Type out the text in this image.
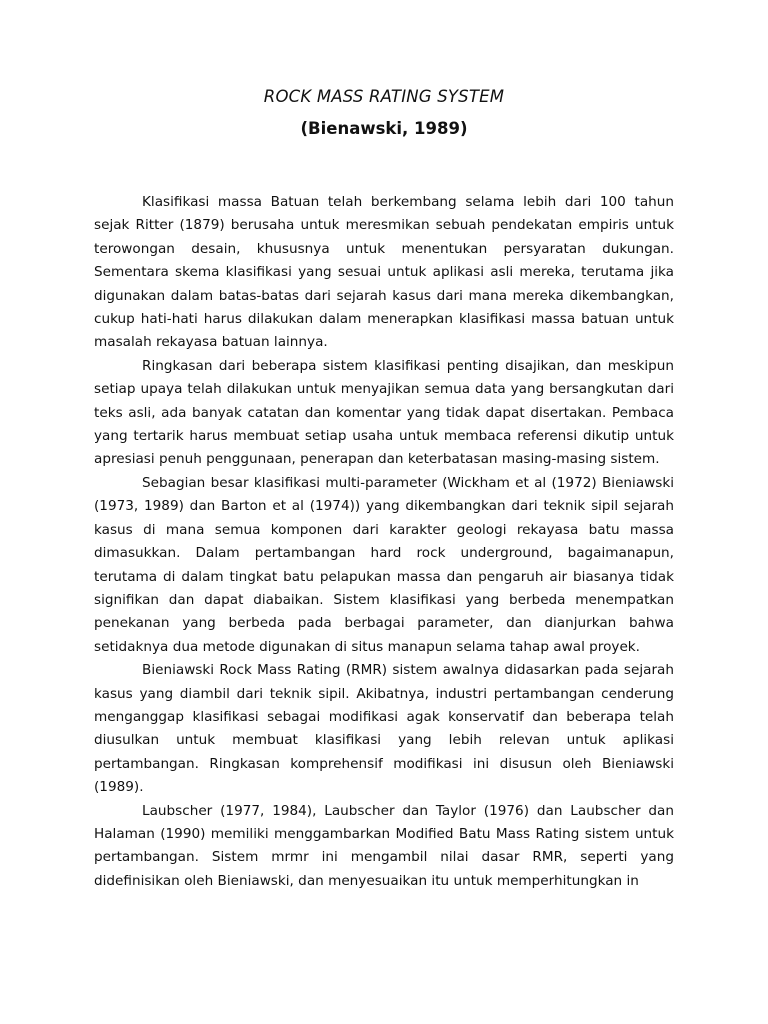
ROCK MASS RATING SYSTEM
(Bienawski, 1989)

Klasifikasi massa Batuan telah berkembang selama lebih dari 100 tahun sejak Ritter (1879) berusaha untuk meresmikan sebuah pendekatan empiris untuk terowongan desain, khususnya untuk menentukan persyaratan dukungan. Sementara skema klasifikasi yang sesuai untuk aplikasi asli mereka, terutama jika digunakan dalam batas-batas dari sejarah kasus dari mana mereka dikembangkan, cukup hati-hati harus dilakukan dalam menerapkan klasifikasi massa batuan untuk masalah rekayasa batuan lainnya.

Ringkasan dari beberapa sistem klasifikasi penting disajikan, dan meskipun setiap upaya telah dilakukan untuk menyajikan semua data yang bersangkutan dari teks asli, ada banyak catatan dan komentar yang tidak dapat disertakan. Pembaca yang tertarik harus membuat setiap usaha untuk membaca referensi dikutip untuk apresiasi penuh penggunaan, penerapan dan keterbatasan masing-masing sistem.

Sebagian besar klasifikasi multi-parameter (Wickham et al (1972) Bieniawski (1973, 1989) dan Barton et al (1974)) yang dikembangkan dari teknik sipil sejarah kasus di mana semua komponen dari karakter geologi rekayasa batu massa dimasukkan. Dalam pertambangan hard rock underground, bagaimanapun, terutama di dalam tingkat batu pelapukan massa dan pengaruh air biasanya tidak signifikan dan dapat diabaikan. Sistem klasifikasi yang berbeda menempatkan penekanan yang berbeda pada berbagai parameter, dan dianjurkan bahwa setidaknya dua metode digunakan di situs manapun selama tahap awal proyek.

Bieniawski Rock Mass Rating (RMR) sistem awalnya didasarkan pada sejarah kasus yang diambil dari teknik sipil. Akibatnya, industri pertambangan cenderung menganggap klasifikasi sebagai modifikasi agak konservatif dan beberapa telah diusulkan untuk membuat klasifikasi yang lebih relevan untuk aplikasi pertambangan. Ringkasan komprehensif modifikasi ini disusun oleh Bieniawski (1989).

Laubscher (1977, 1984), Laubscher dan Taylor (1976) dan Laubscher dan Halaman (1990) memiliki menggambarkan Modified Batu Mass Rating sistem untuk pertambangan. Sistem mrmr ini mengambil nilai dasar RMR, seperti yang didefinisikan oleh Bieniawski, dan menyesuaikan itu untuk memperhitungkan in
